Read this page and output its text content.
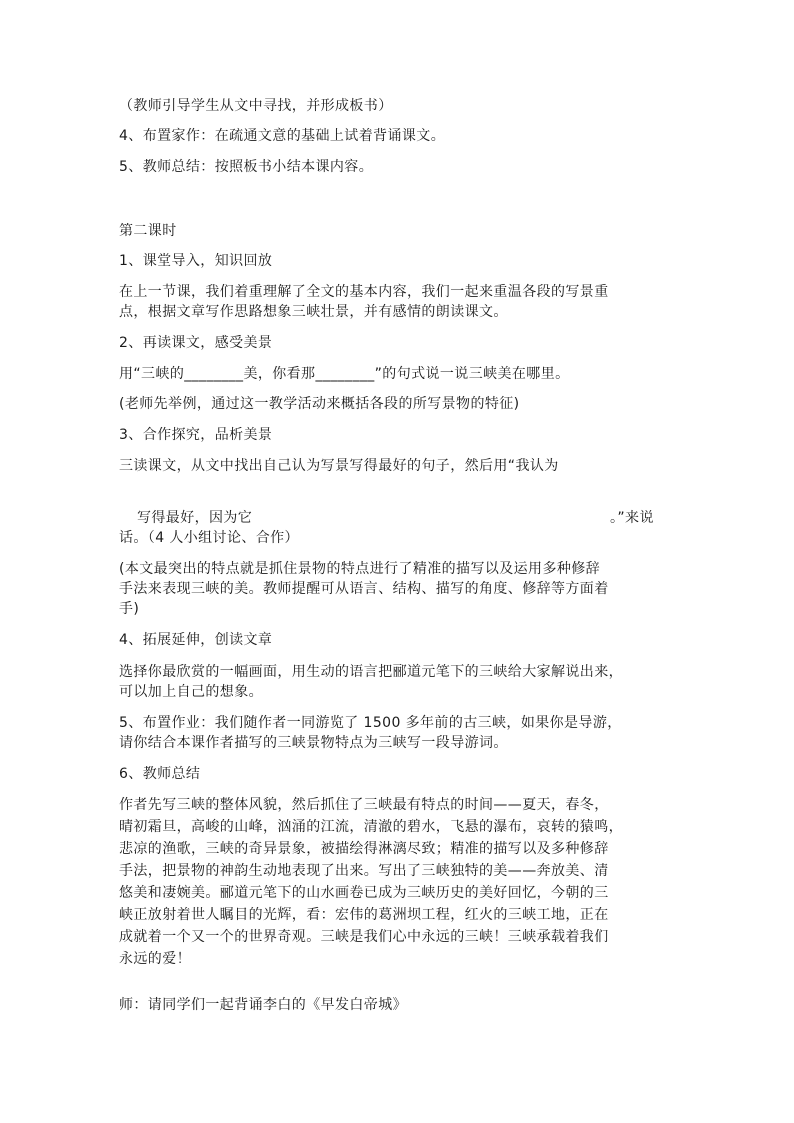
（教师引导学生从文中寻找，并形成板书）
4、布置家作：在疏通文意的基础上试着背诵课文。
5、教师总结：按照板书小结本课内容。
第二课时
1、课堂导入，知识回放
在上一节课，我们着重理解了全文的基本内容，我们一起来重温各段的写景重
点，根据文章写作思路想象三峡壮景，并有感情的朗读课文。
2、再读课文，感受美景
用“三峡的________美，你看那________”的句式说一说三峡美在哪里。
(老师先举例，通过这一教学活动来概括各段的所写景物的特征)
3、合作探究，品析美景
三读课文，从文中找出自己认为写景写得最好的句子，然后用“我认为
写得最好，因为它	。”来说
话。（4 人小组讨论、合作）
(本文最突出的特点就是抓住景物的特点进行了精准的描写以及运用多种修辞
手法来表现三峡的美。教师提醒可从语言、结构、描写的角度、修辞等方面着
手)
4、拓展延伸，创读文章
选择你最欣赏的一幅画面，用生动的语言把郦道元笔下的三峡给大家解说出来，
可以加上自己的想象。
5、布置作业：我们随作者一同游览了 1500 多年前的古三峡，如果你是导游，
请你结合本课作者描写的三峡景物特点为三峡写一段导游词。
6、教师总结
作者先写三峡的整体风貌，然后抓住了三峡最有特点的时间——夏天，春冬，
晴初霜旦，高峻的山峰，汹涌的江流，清澈的碧水，飞悬的瀑布，哀转的猿鸣，
悲凉的渔歌，三峡的奇异景象，被描绘得淋漓尽致；精准的描写以及多种修辞
手法，把景物的神韵生动地表现了出来。写出了三峡独特的美——奔放美、清
悠美和凄婉美。郦道元笔下的山水画卷已成为三峡历史的美好回忆，今朝的三
峡正放射着世人瞩目的光辉，看：宏伟的葛洲坝工程，红火的三峡工地，正在
成就着一个又一个的世界奇观。三峡是我们心中永远的三峡！三峡承载着我们
永远的爱！
师：请同学们一起背诵李白的《早发白帝城》
